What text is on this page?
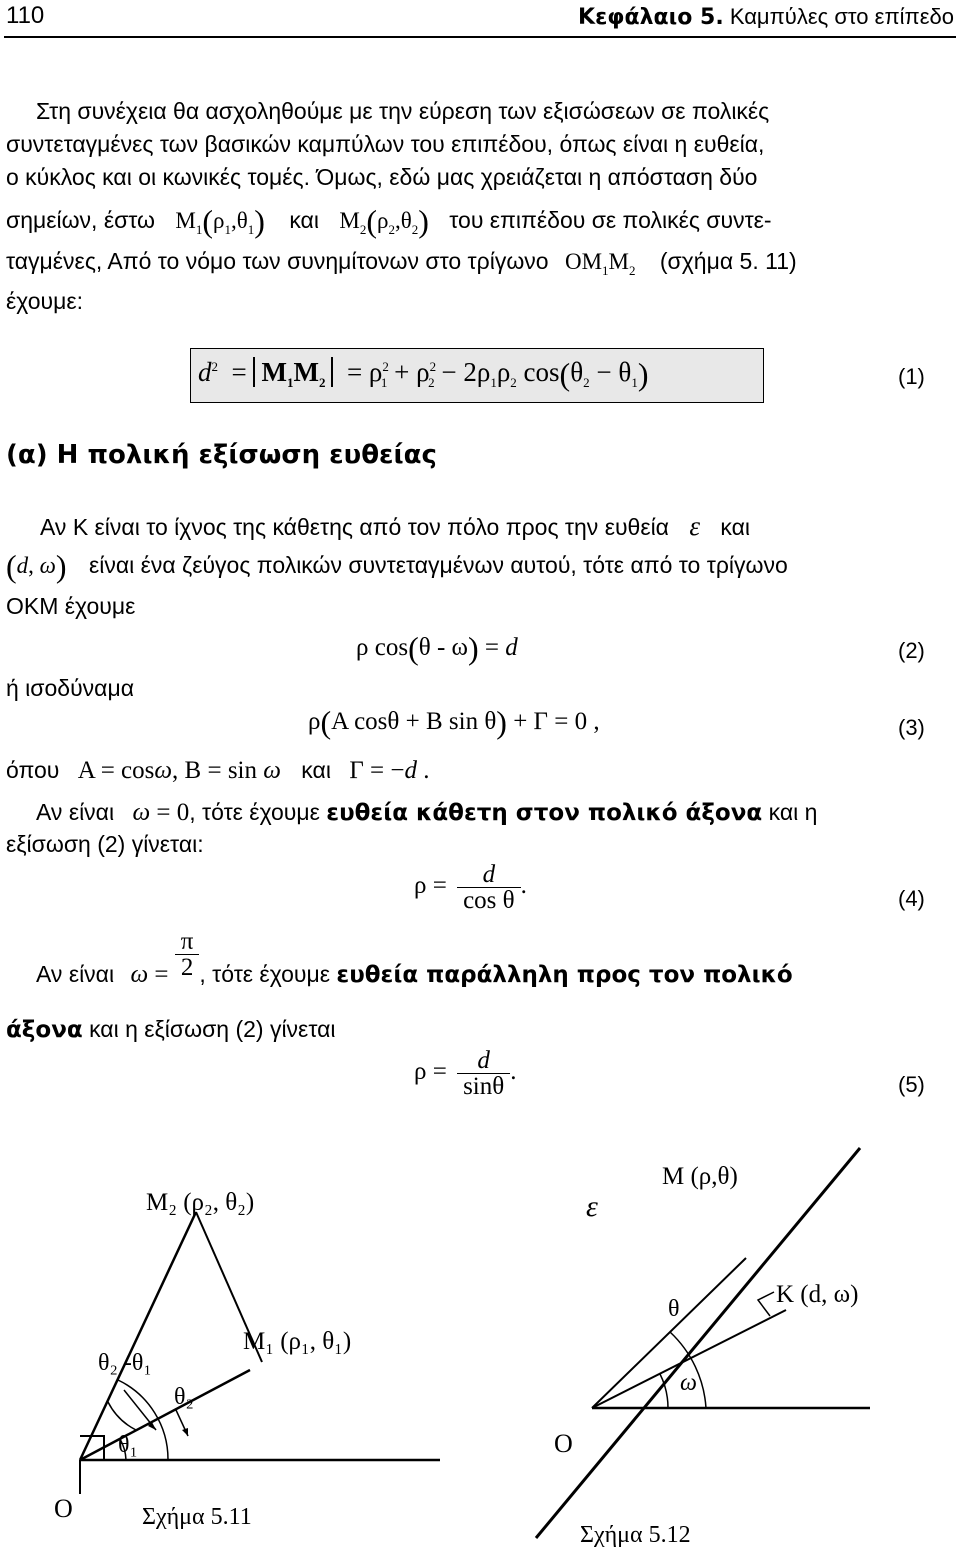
110	Κεφάλαιο 5. Καμπύλες στο επίπεδο
Στη συνέχεια θα ασχοληθούμε με την εύρεση των εξισώσεων σε πολικές
συντεταγμένες των βασικών καμπύλων του επιπέδου, όπως είναι η ευθεία,
ο κύκλος και οι κωνικές τομές. Όμως, εδώ μας χρειάζεται η απόσταση δύο
σημείων, έστω $M_1(\rho_1,\theta_1)$ και $M_2(\rho_2,\theta_2)$ του επιπέδου σε πολικές συντε-
ταγμένες, Από το νόμο των συνημίτονων στο τρίγωνο $OM_1M_2$ (σχήμα 5. 11)
έχουμε:
$d^2 = M_1M_2 = \rho^2_1 + \rho^2_2 - 2\rho_1\rho_2$ $\cos(\theta_2 - \theta_1)$	(1)
(α) Η πολική εξίσωση ευθείας
Αν Κ είναι το ίχνος της κάθετης από τον πόλο προς την ευθεία ε και
(d, ω) είναι ένα ζεύγος πολικών συντεταγμένων αυτού, τότε από το τρίγωνο
ΟΚΜ έχουμε
ρ cos(θ - ω) = d	(2)
ή ισοδύναμα
ρ(A cosθ + B sin θ) + Γ = 0 ,	(3)
όπου A = cosω, B = sin ω και Γ = −d .
Αν είναι ω = 0, τότε έχουμε ευθεία κάθετη στον πολικό άξονα και η
εξίσωση (2) γίνεται:
$\rho = \frac{d}{\text{cos θ}}$ .	(4)
Αν είναι $\omega = \frac{\pi}{2}$ , τότε έχουμε ευθεία παράλληλη προς τον πολικό
άξονα και η εξίσωση (2) γίνεται
$\rho = \frac{d}{\sin\theta}$ .	(5)
O
M₂ (ρ₂, θ₂)
M₁ (ρ₁, θ₁)
θ₂ -θ₁
θ₂
θ₁
Σχήμα 5.11
ε
M (ρ,θ)
K (d, ω)
θ
ω
O
Σχήμα 5.12
